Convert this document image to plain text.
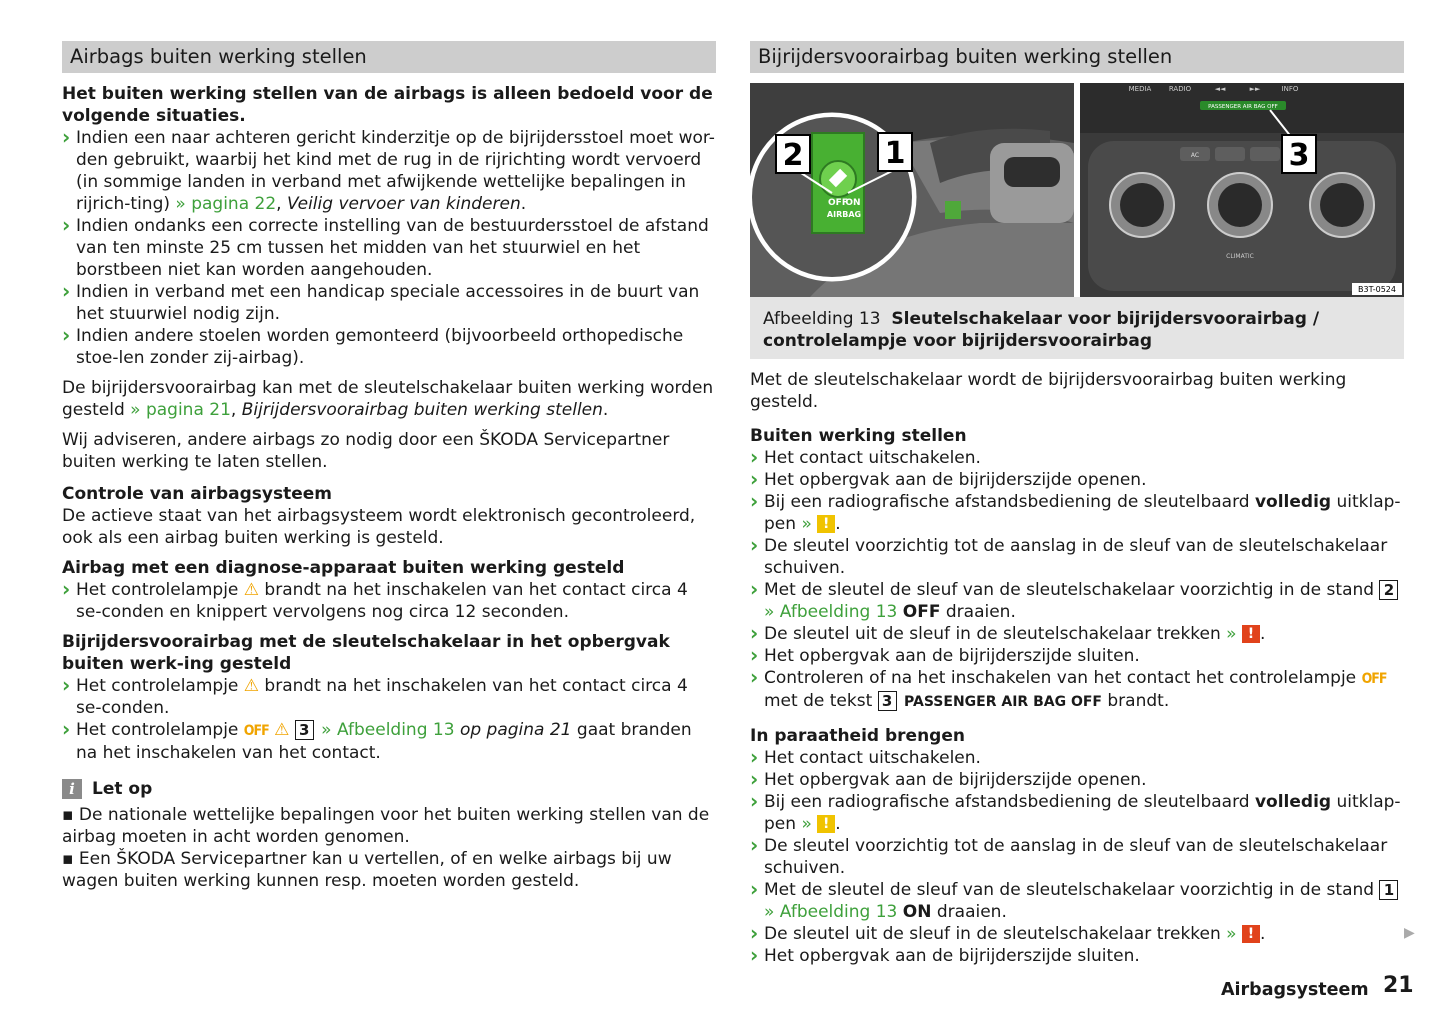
Airbags buiten werking stellen

Het buiten werking stellen van de airbags is alleen bedoeld voor de volgende situaties.

› Indien een naar achteren gericht kinderzitje op de bijrijdersstoel moet wor-den gebruikt, waarbij het kind met de rug in de rijrichting wordt vervoerd (in sommige landen in verband met afwijkende wettelijke bepalingen in rijrich-ting) » pagina 22, Veilig vervoer van kinderen.
› Indien ondanks een correcte instelling van de bestuurdersstoel de afstand van ten minste 25 cm tussen het midden van het stuurwiel en het borstbeen niet kan worden aangehouden.
› Indien in verband met een handicap speciale accessoires in de buurt van het stuurwiel nodig zijn.
› Indien andere stoelen worden gemonteerd (bijvoorbeeld orthopedische stoe-len zonder zij-airbag).

De bijrijdersvoorairbag kan met de sleutelschakelaar buiten werking worden gesteld » pagina 21, Bijrijdersvoorairbag buiten werking stellen.

Wij adviseren, andere airbags zo nodig door een ŠKODA Servicepartner buiten werking te laten stellen.

Controle van airbagsysteem

De actieve staat van het airbagsysteem wordt elektronisch gecontroleerd, ook als een airbag buiten werking is gesteld.

Airbag met een diagnose-apparaat buiten werking gesteld

› Het controlelampje ⚠ brandt na het inschakelen van het contact circa 4 se-conden en knippert vervolgens nog circa 12 seconden.

Bijrijdersvoorairbag met de sleutelschakelaar in het opbergvak buiten werk-ing gesteld

› Het controlelampje ⚠ brandt na het inschakelen van het contact circa 4 se-conden.
› Het controlelampje OFF ⚠ 3 » Afbeelding 13 op pagina 21 gaat branden na het inschakelen van het contact.
i	Let op

▪ De nationale wettelijke bepalingen voor het buiten werking stellen van de airbag moeten in acht worden genomen.

▪ Een ŠKODA Servicepartner kan u vertellen, of en welke airbags bij uw wagen buiten werking kunnen resp. moeten worden gesteld.

Bijrijdersvoorairbag buiten werking stellen
OFF
ON
AIRBAG
2	1
MEDIA RADIO	◄◄	►►	INFO
PASSENGER AIR BAG OFF
AC
CLIMATIC
3
B3T-0524
Afbeelding 13 Sleutelschakelaar voor bijrijdersvoorairbag / controlelampje voor bijrijdersvoorairbag

Met de sleutelschakelaar wordt de bijrijdersvoorairbag buiten werking gesteld.

Buiten werking stellen

› Het contact uitschakelen.
› Het opbergvak aan de bijrijderszijde openen.
› Bij een radiografische afstandsbediening de sleutelbaard volledig uitklap-pen » ! .
› De sleutel voorzichtig tot de aanslag in de sleuf van de sleutelschakelaar schuiven.
› Met de sleutel de sleuf van de sleutelschakelaar voorzichtig in de stand 2 » Afbeelding 13 OFF draaien.
› De sleutel uit de sleuf in de sleutelschakelaar trekken » ! .
› Het opbergvak aan de bijrijderszijde sluiten.
› Controleren of na het inschakelen van het contact het controlelampje OFF met de tekst 3 PASSENGER AIR BAG OFF brandt.

In paraatheid brengen

› Het contact uitschakelen.
› Het opbergvak aan de bijrijderszijde openen.
› Bij een radiografische afstandsbediening de sleutelbaard volledig uitklap-pen » ! .
› De sleutel voorzichtig tot de aanslag in de sleuf van de sleutelschakelaar schuiven.
› Met de sleutel de sleuf van de sleutelschakelaar voorzichtig in de stand 1 » Afbeelding 13 ON draaien.
› De sleutel uit de sleuf in de sleutelschakelaar trekken » ! .
› Het opbergvak aan de bijrijderszijde sluiten.
▶
Airbagsysteem 21
